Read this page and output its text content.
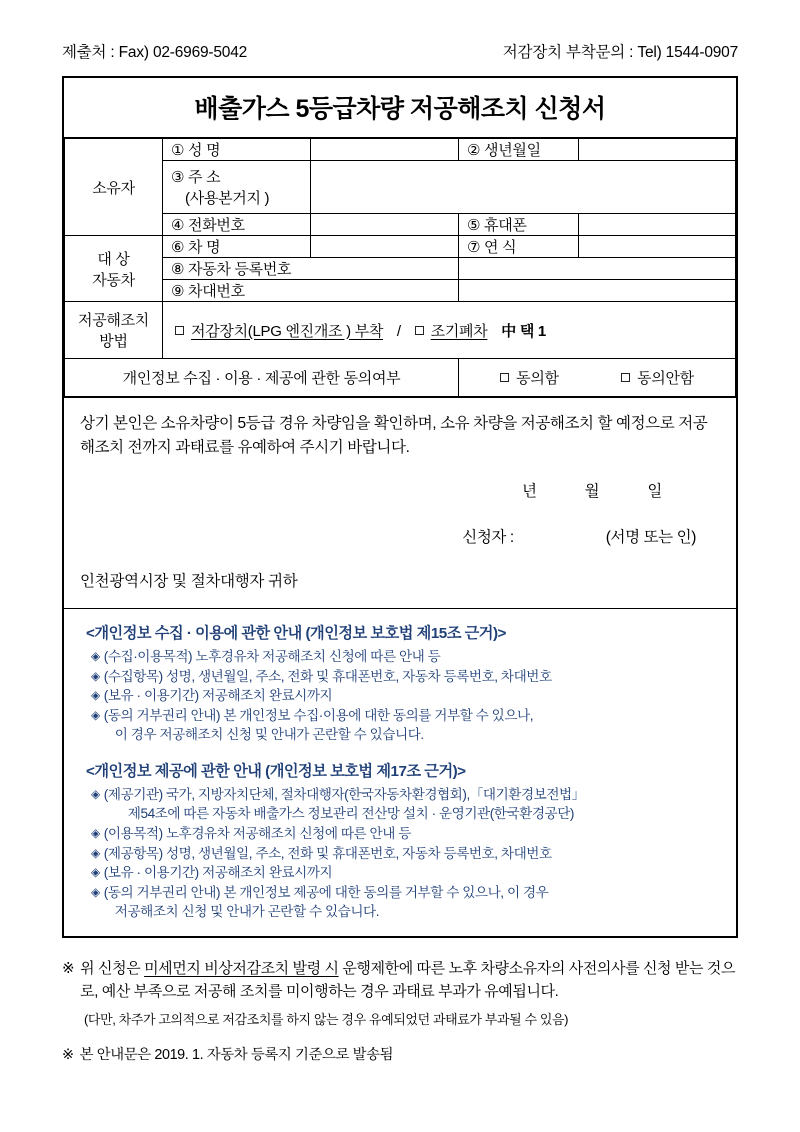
제출처 : Fax) 02-6969-5042	저감장치 부착문의 : Tel) 1544-0907
배출가스 5등급차량 저공해조치 신청서
소유자	① 성 명		② 생년월일	
	③ 주 소
(사용본거지 )			

	④ 전화번호		⑤ 휴대폰	
대 상
자동차	⑥ 차 명		⑦ 연 식	
	⑧ 자동차 등록번호			
	⑨ 차대번호			
저공해조치
방법	저감장치(LPG 엔진개조 ) 부착 / 조기폐차 中 택 1			

개인정보 수집 · 이용 · 제공에 관한 동의여부			동의함 동의안함	

상기 본인은 소유차량이 5등급 경유 차량임을 확인하며, 소유 차량을 저공해조치 할 예정으로 저공해조치 전까지 과태료를 유예하여 주시기 바랍니다.

년	월	일
신청자 :	(서명 또는 인)
인천광역시장 및 절차대행자 귀하
<개인정보 수집 · 이용에 관한 안내 (개인정보 보호법 제15조 근거)>
◈ (수집·이용목적) 노후경유차 저공해조치 신청에 따른 안내 등
◈ (수집항목) 성명, 생년월일, 주소, 전화 및 휴대폰번호, 자동차 등록번호, 차대번호
◈ (보유 · 이용기간) 저공해조치 완료시까지
◈ (동의 거부권리 안내) 본 개인정보 수집·이용에 대한 동의를 거부할 수 있으나,
이 경우 저공해조치 신청 및 안내가 곤란할 수 있습니다.
<개인정보 제공에 관한 안내 (개인정보 보호법 제17조 근거)>
◈ (제공기관) 국가, 지방자치단체, 절차대행자(한국자동차환경협회),「대기환경보전법」
제54조에 따른 자동차 배출가스 정보관리 전산망 설치 · 운영기관(한국환경공단)
◈ (이용목적) 노후경유차 저공해조치 신청에 따른 안내 등
◈ (제공항목) 성명, 생년월일, 주소, 전화 및 휴대폰번호, 자동차 등록번호, 차대번호
◈ (보유 · 이용기간) 저공해조치 완료시까지
◈ (동의 거부권리 안내) 본 개인정보 제공에 대한 동의를 거부할 수 있으나, 이 경우
저공해조치 신청 및 안내가 곤란할 수 있습니다.
※ 위 신청은 미세먼지 비상저감조치 발령 시 운행제한에 따른 노후 차량소유자의 사전의사를 신청 받는 것으로, 예산 부족으로 저공해 조치를 미이행하는 경우 과태료 부과가 유예됩니다.
(다만, 차주가 고의적으로 저감조치를 하지 않는 경우 유예되었던 과태료가 부과될 수 있음)
※ 본 안내문은 2019. 1. 자동차 등록지 기준으로 발송됨
